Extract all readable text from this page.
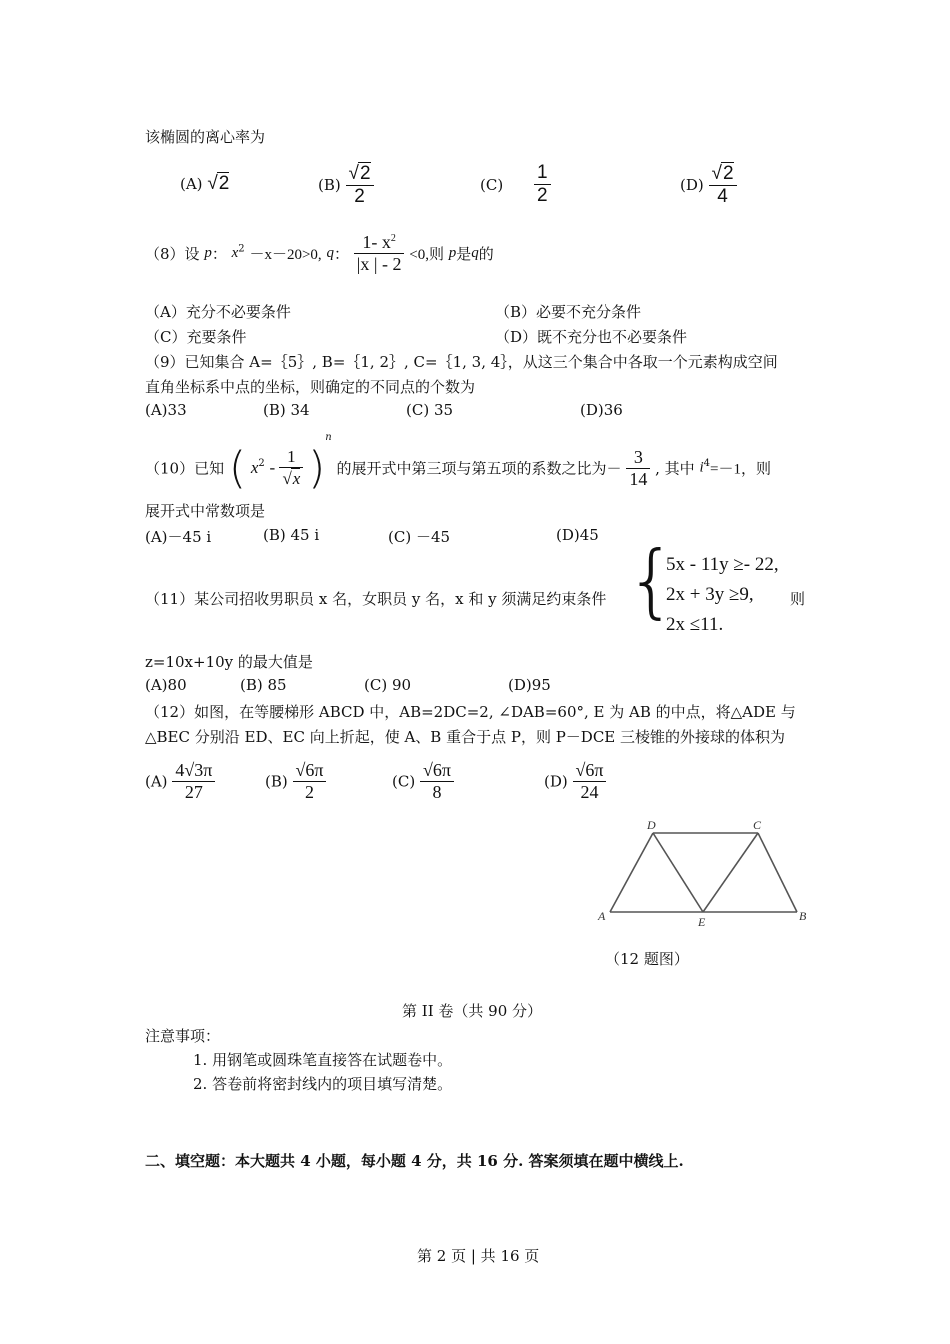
该椭圆的离心率为
(A) √2	$(B) \frac{√2}{2}$	$(C) \frac{1}{2}$	$(D) \frac{√2}{4}$
（8）设 p： $x^2 -x-20>0$, q： $\frac{1- x^2}{|x | - 2} <0$,则 p是q的
（A）充分不必要条件	（B）必要不充分条件
（C）充要条件	（D）既不充分也不必要条件
（9）已知集合 A=｛5｝, B=｛1, 2｝, C=｛1, 3, 4｝，从这三个集合中各取一个元素构成空间
直角坐标系中点的坐标，则确定的不同点的个数为
(A)33	(B) 34	(C) 35	(D)36
（10）已知 ( $x^2 - \frac{1}{√x} )^n$ 的展开式中第三项与第五项的系数之比为－ $\frac{3}{14}$ , 其中 $i^4=-1$，则
展开式中常数项是
(A)－45 i	(B) 45 i	(C) －45	(D)45
（11）某公司招收男职员 x 名，女职员 y 名，x 和 y 须满足约束条件 {
5x - 11y ≥- 22,
2x + 3y ≥9,
2x ≤11.
则
z=10x+10y 的最大值是
(A)80	(B) 85	(C) 90	(D)95
（12）如图，在等腰梯形 ABCD 中，AB=2DC=2, ∠DAB=60°, E 为 AB 的中点，将△ADE 与
△BEC 分别沿 ED、EC 向上折起，使 A、B 重合于点 P，则 P－DCE 三棱锥的外接球的体积为
$(A) \frac{4√3\pi}{27}$	$(B) \frac{√6\pi}{2}$	$(C) \frac{√6\pi}{8}$	$(D) \frac{√6\pi}{24}$
A	B
C
D
E
（12 题图）
第 II 卷（共 90 分）
注意事项：
1. 用钢笔或圆珠笔直接答在试题卷中。
2. 答卷前将密封线内的项目填写清楚。
二、填空题：本大题共 4 小题，每小题 4 分，共 16 分. 答案须填在题中横线上.
第 2 页 | 共 16 页
